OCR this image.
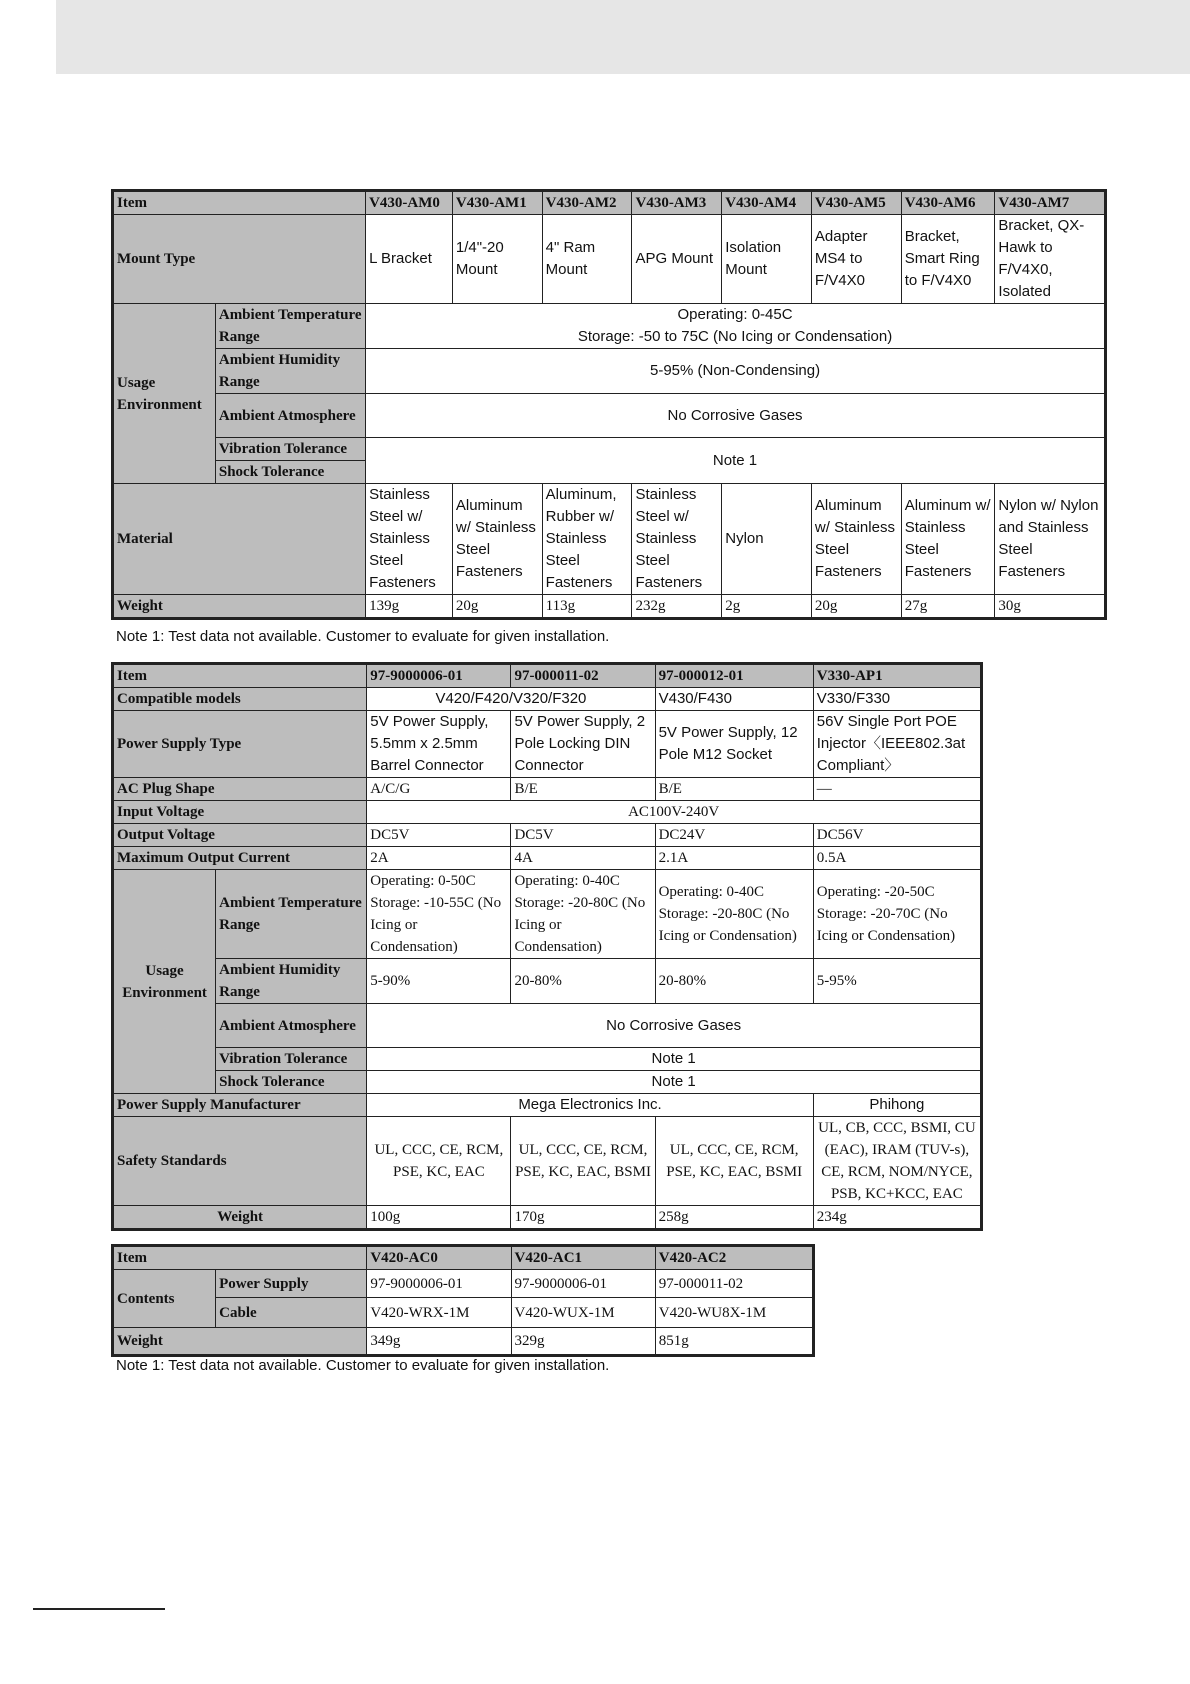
Item		V430-AM0	V430-AM1	V430-AM2	V430-AM3	V430-AM4	V430-AM5	V430-AM6	V430-AM7
Mount Type		L Bracket	1/4"-20 Mount	4" Ram Mount	APG Mount	Isolation Mount	Adapter MS4 to F/V4X0	Bracket, Smart Ring to F/V4X0	Bracket, QX-Hawk to F/V4X0, Isolated
Usage Environment	Ambient Temperature Range	Operating: 0-45C
Storage: -50 to 75C (No Icing or Condensation)							
	Ambient Humidity Range	5-95% (Non-Condensing)							
	Ambient Atmosphere	No Corrosive Gases							
	Vibration Tolerance	Note 1							
	Shock Tolerance								
Material		Stainless Steel w/ Stainless Steel Fasteners	Aluminum w/ Stainless Steel Fasteners	Aluminum, Rubber w/ Stainless Steel Fasteners	Stainless Steel w/ Stainless Steel Fasteners	Nylon	Aluminum w/ Stainless Steel Fasteners	Aluminum w/ Stainless Steel Fasteners	Nylon w/ Nylon and Stainless Steel Fasteners
Weight		139g	20g	113g	232g	2g	20g	27g	30g
Note 1: Test data not available. Customer to evaluate for given installation.
Item		97-9000006-01	97-000011-02	97-000012-01	V330-AP1
Compatible models		V420/F420/V320/F320		V430/F430	V330/F330
Power Supply Type		5V Power Supply, 5.5mm x 2.5mm Barrel Connector	5V Power Supply, 2 Pole Locking DIN Connector	5V Power Supply, 12 Pole M12 Socket	56V Single Port POE Injector〈IEEE802.3at Compliant〉
AC Plug Shape		A/C/G	B/E	B/E	—
Input Voltage		AC100V-240V			
Output Voltage		DC5V	DC5V	DC24V	DC56V
Maximum Output Current		2A	4A	2.1A	0.5A
Usage Environment	Ambient Temperature Range	Operating: 0-50C Storage: -10-55C (No Icing or Condensation)	Operating: 0-40C Storage: -20-80C (No Icing or Condensation)	Operating: 0-40C Storage: -20-80C (No Icing or Condensation)	Operating: -20-50C Storage: -20-70C (No Icing or Condensation)
	Ambient Humidity Range	5-90%	20-80%	20-80%	5-95%
	Ambient Atmosphere	No Corrosive Gases			
	Vibration Tolerance	Note 1			
	Shock Tolerance	Note 1			
Power Supply Manufacturer		Mega Electronics Inc.			Phihong
Safety Standards		UL, CCC, CE, RCM, PSE, KC, EAC	UL, CCC, CE, RCM, PSE, KC, EAC, BSMI	UL, CCC, CE, RCM, PSE, KC, EAC, BSMI	UL, CB, CCC, BSMI, CU (EAC), IRAM (TUV-s), CE, RCM, NOM/NYCE, PSB, KC+KCC, EAC
Weight		100g	170g	258g	234g
Item		V420-AC0	V420-AC1	V420-AC2
Contents	Power Supply	97-9000006-01	97-9000006-01	97-000011-02
	Cable	V420-WRX-1M	V420-WUX-1M	V420-WU8X-1M
Weight		349g	329g	851g
Note 1: Test data not available. Customer to evaluate for given installation.
